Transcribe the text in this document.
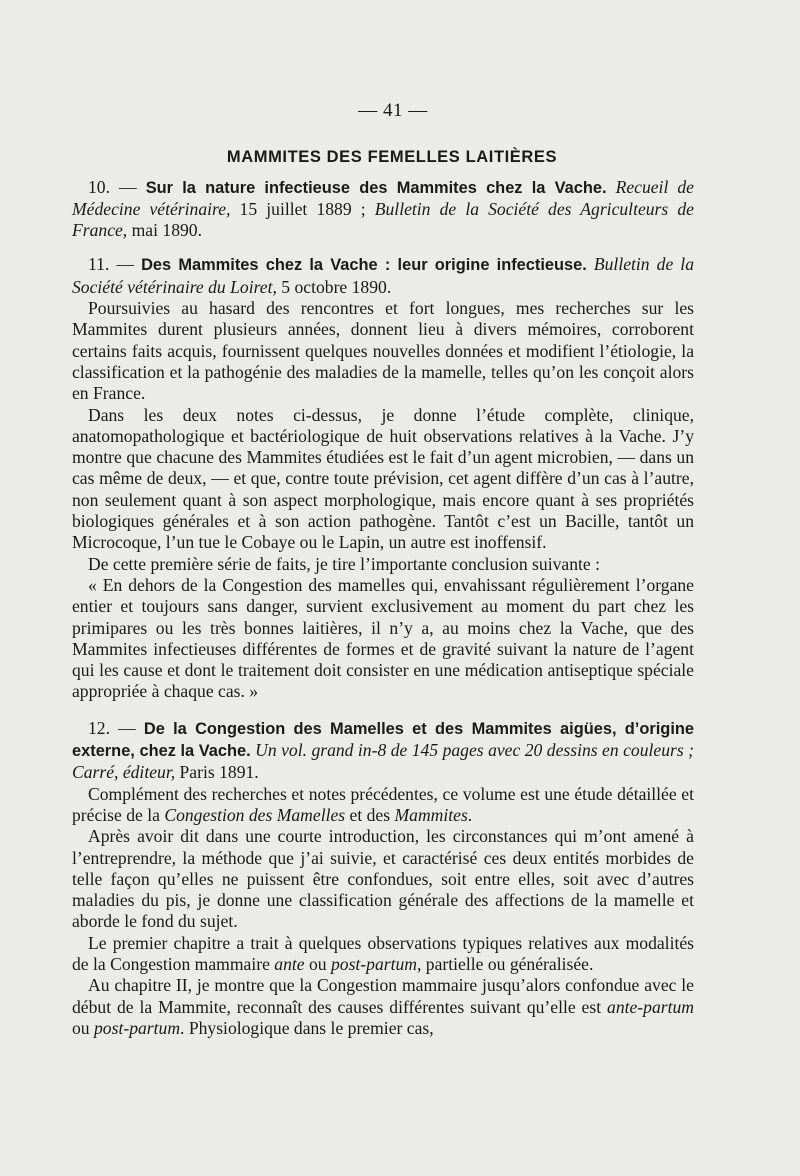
— 41 —
MAMMITES DES FEMELLES LAITIÈRES

10. — Sur la nature infectieuse des Mammites chez la Vache. Recueil de Médecine vétérinaire, 15 juillet 1889 ; Bulletin de la Société des Agriculteurs de France, mai 1890.

11. — Des Mammites chez la Vache : leur origine infectieuse. Bulletin de la Société vétérinaire du Loiret, 5 octobre 1890.

Poursuivies au hasard des rencontres et fort longues, mes recherches sur les Mammites durent plusieurs années, donnent lieu à divers mémoires, corroborent certains faits acquis, fournissent quelques nouvelles données et modifient l’étiologie, la classification et la pathogénie des maladies de la mamelle, telles qu’on les conçoit alors en France.

Dans les deux notes ci-dessus, je donne l’étude complète, clinique, anatomopathologique et bactériologique de huit observations relatives à la Vache. J’y montre que chacune des Mammites étudiées est le fait d’un agent microbien, — dans un cas même de deux, — et que, contre toute prévision, cet agent diffère d’un cas à l’autre, non seulement quant à son aspect morphologique, mais encore quant à ses propriétés biologiques générales et à son action pathogène. Tantôt c’est un Bacille, tantôt un Microcoque, l’un tue le Cobaye ou le Lapin, un autre est inoffensif.

De cette première série de faits, je tire l’importante conclusion suivante :

« En dehors de la Congestion des mamelles qui, envahissant régulièrement l’organe entier et toujours sans danger, survient exclusivement au moment du part chez les primipares ou les très bonnes laitières, il n’y a, au moins chez la Vache, que des Mammites infectieuses différentes de formes et de gravité suivant la nature de l’agent qui les cause et dont le traitement doit consister en une médication antiseptique spéciale appropriée à chaque cas. »

12. — De la Congestion des Mamelles et des Mammites aigües, d’origine externe, chez la Vache. Un vol. grand in-8 de 145 pages avec 20 dessins en couleurs ; Carré, éditeur, Paris 1891.

Complément des recherches et notes précédentes, ce volume est une étude détaillée et précise de la Congestion des Mamelles et des Mammites.

Après avoir dit dans une courte introduction, les circonstances qui m’ont amené à l’entreprendre, la méthode que j’ai suivie, et caractérisé ces deux entités morbides de telle façon qu’elles ne puissent être confondues, soit entre elles, soit avec d’autres maladies du pis, je donne une classification générale des affections de la mamelle et aborde le fond du sujet.

Le premier chapitre a trait à quelques observations typiques relatives aux modalités de la Congestion mammaire ante ou post-partum, partielle ou généralisée.

Au chapitre II, je montre que la Congestion mammaire jusqu’alors confondue avec le début de la Mammite, reconnaît des causes différentes suivant qu’elle est ante-partum ou post-partum. Physiologique dans le premier cas,
